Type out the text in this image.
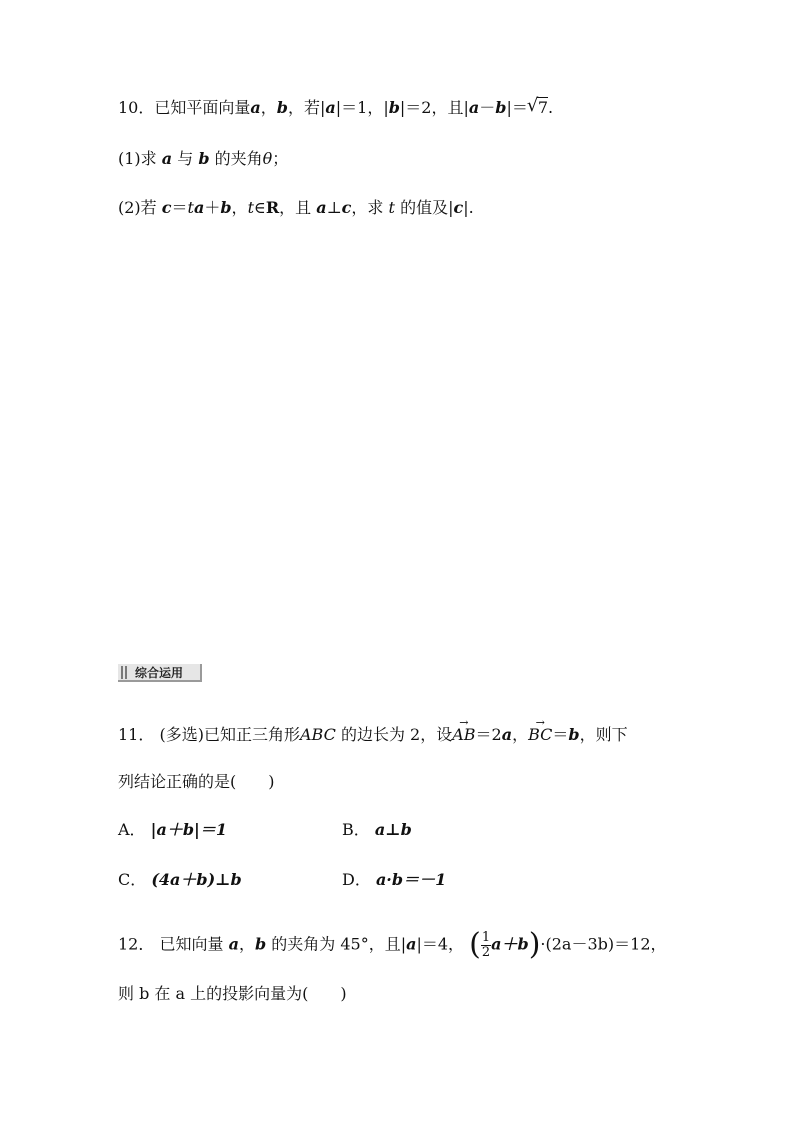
10．已知平面向量a，b，若|a|＝1，|b|＝2，且|a－b|＝√ 7.
(1)求 a 与 b 的夹角θ；
(2)若 c＝ta＋b，t∈R，且 a⊥c，求 t 的值及|c|.
综合运用
11． (多选)已知正三角形ABC 的边长为 2，设→ AB＝2a，→ BC＝b，则下
列结论正确的是(　　)
A． |a＋b|＝1	B． a⊥b
C． (4a＋b)⊥b	D． a·b＝－1
12． 已知向量 a，b 的夹角为 45°，且|a|＝4， ( $\frac{1}{2} a+b)\cdot(2a-3b)=12$，
则 b 在 a 上的投影向量为(　　)
